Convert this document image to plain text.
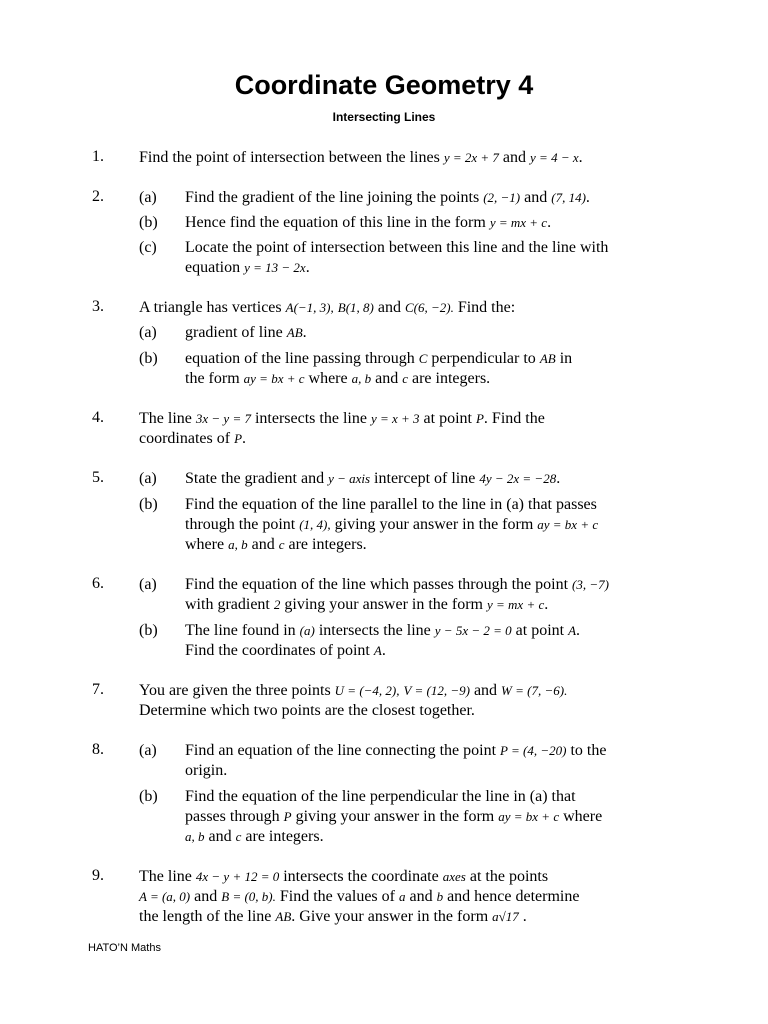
Coordinate Geometry 4
Intersecting Lines
1. Find the point of intersection between the lines y = 2x + 7 and y = 4 − x.
2. (a) Find the gradient of the line joining the points (2, −1) and (7, 14).
(b) Hence find the equation of this line in the form y = mx + c.
(c) Locate the point of intersection between this line and the line with
equation y = 13 − 2x.
3. A triangle has vertices A(−1, 3), B(1, 8) and C(6, −2). Find the:
(a) gradient of line AB.
(b) equation of the line passing through C perpendicular to AB in
the form ay = bx + c where a, b and c are integers.
4. The line 3x − y = 7 intersects the line y = x + 3 at point P. Find the
coordinates of P.
5. (a) State the gradient and y − axis intercept of line 4y − 2x = −28.
(b) Find the equation of the line parallel to the line in (a) that passes
through the point (1, 4), giving your answer in the form ay = bx + c
where a, b and c are integers.
6. (a) Find the equation of the line which passes through the point (3, −7)
with gradient 2 giving your answer in the form y = mx + c.
(b) The line found in (a) intersects the line y − 5x − 2 = 0 at point A.
Find the coordinates of point A.
7. You are given the three points U = (−4, 2), V = (12, −9) and W = (7, −6).
Determine which two points are the closest together.
8. (a) Find an equation of the line connecting the point P = (4, −20) to the
origin.
(b) Find the equation of the line perpendicular the line in (a) that
passes through P giving your answer in the form ay = bx + c where
a, b and c are integers.
9. The line 4x − y + 12 = 0 intersects the coordinate axes at the points
A = (a, 0) and B = (0, b). Find the values of a and b and hence determine
the length of the line AB. Give your answer in the form a√17 .
HATO’N Maths
